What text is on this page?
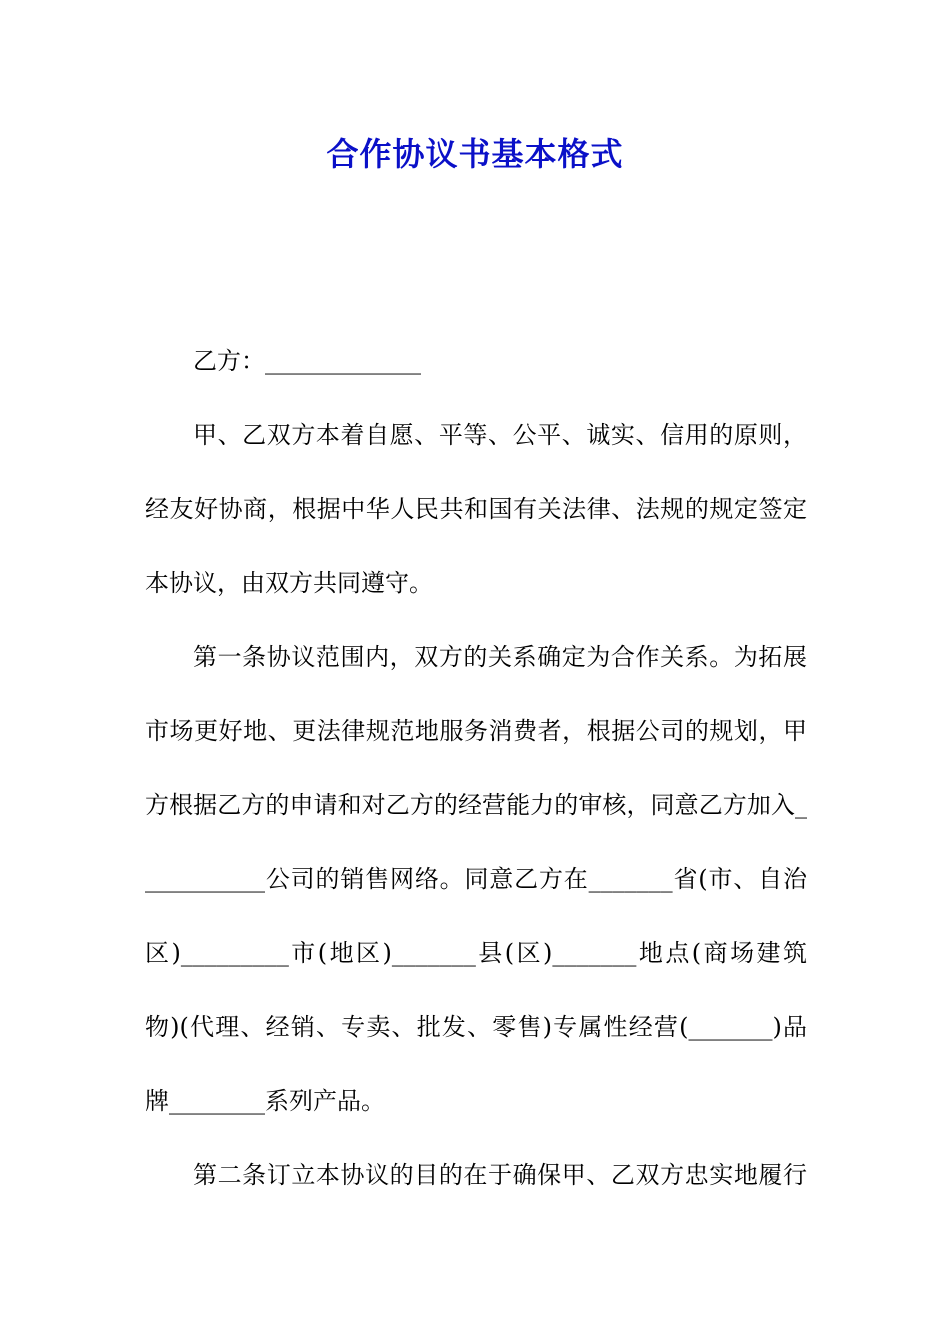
合作协议书基本格式
乙方：_____________
甲、乙双方本着自愿、平等、公平、诚实、信用的原则，
经友好协商，根据中华人民共和国有关法律、法规的规定签定
本协议，由双方共同遵守。
第一条协议范围内，双方的关系确定为合作关系。为拓展
市场更好地、更法律规范地服务消费者，根据公司的规划，甲
方根据乙方的申请和对乙方的经营能力的审核，同意乙方加入_
__________公司的销售网络。同意乙方在_______省(市、自治
区)_________市(地区)_______县(区)_______地点(商场建筑
物)(代理、经销、专卖、批发、零售)专属性经营(_______)品
牌________系列产品。
第二条订立本协议的目的在于确保甲、乙双方忠实地履行
